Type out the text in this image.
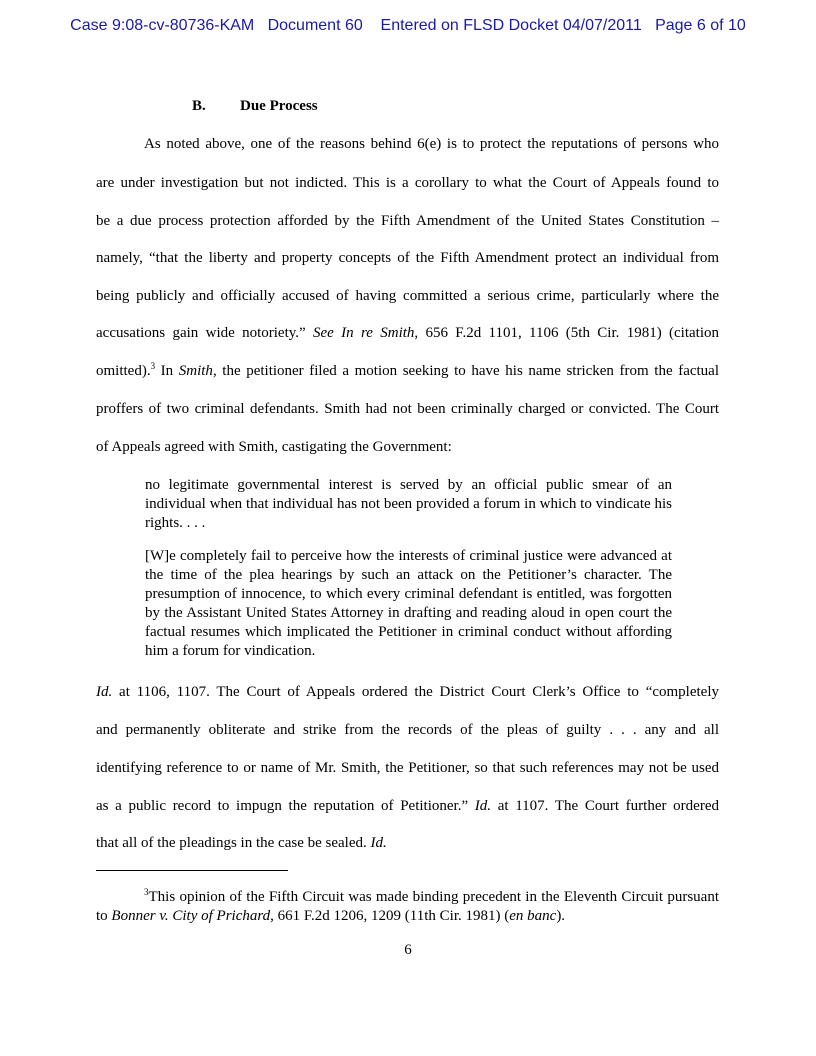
Case 9:08-cv-80736-KAM   Document 60    Entered on FLSD Docket 04/07/2011   Page 6 of 10
B. Due Process
As noted above, one of the reasons behind 6(e) is to protect the reputations of persons who
are under investigation but not indicted. This is a corollary to what the Court of Appeals found to
be a due process protection afforded by the Fifth Amendment of the United States Constitution –
namely, “that the liberty and property concepts of the Fifth Amendment protect an individual from
being publicly and officially accused of having committed a serious crime, particularly where the
accusations gain wide notoriety.” See In re Smith, 656 F.2d 1101, 1106 (5th Cir. 1981) (citation
omitted).$^3$ In Smith, the petitioner filed a motion seeking to have his name stricken from the factual
proffers of two criminal defendants. Smith had not been criminally charged or convicted. The Court
of Appeals agreed with Smith, castigating the Government:

no legitimate governmental interest is served by an official public smear of an individual when that individual has not been provided a forum in which to vindicate his rights. . . .

[W]e completely fail to perceive how the interests of criminal justice were advanced at the time of the plea hearings by such an attack on the Petitioner’s character. The presumption of innocence, to which every criminal defendant is entitled, was forgotten by the Assistant United States Attorney in drafting and reading aloud in open court the factual resumes which implicated the Petitioner in criminal conduct without affording him a forum for vindication.

Id. at 1106, 1107. The Court of Appeals ordered the District Court Clerk’s Office to “completely
and permanently obliterate and strike from the records of the pleas of guilty . . . any and all
identifying reference to or name of Mr. Smith, the Petitioner, so that such references may not be used
as a public record to impugn the reputation of Petitioner.” Id. at 1107. The Court further ordered
that all of the pleadings in the case be sealed. Id.
$^3$This opinion of the Fifth Circuit was made binding precedent in the Eleventh Circuit pursuant to Bonner v. City of Prichard, 661 F.2d 1206, 1209 (11th Cir. 1981) (en banc).
6
